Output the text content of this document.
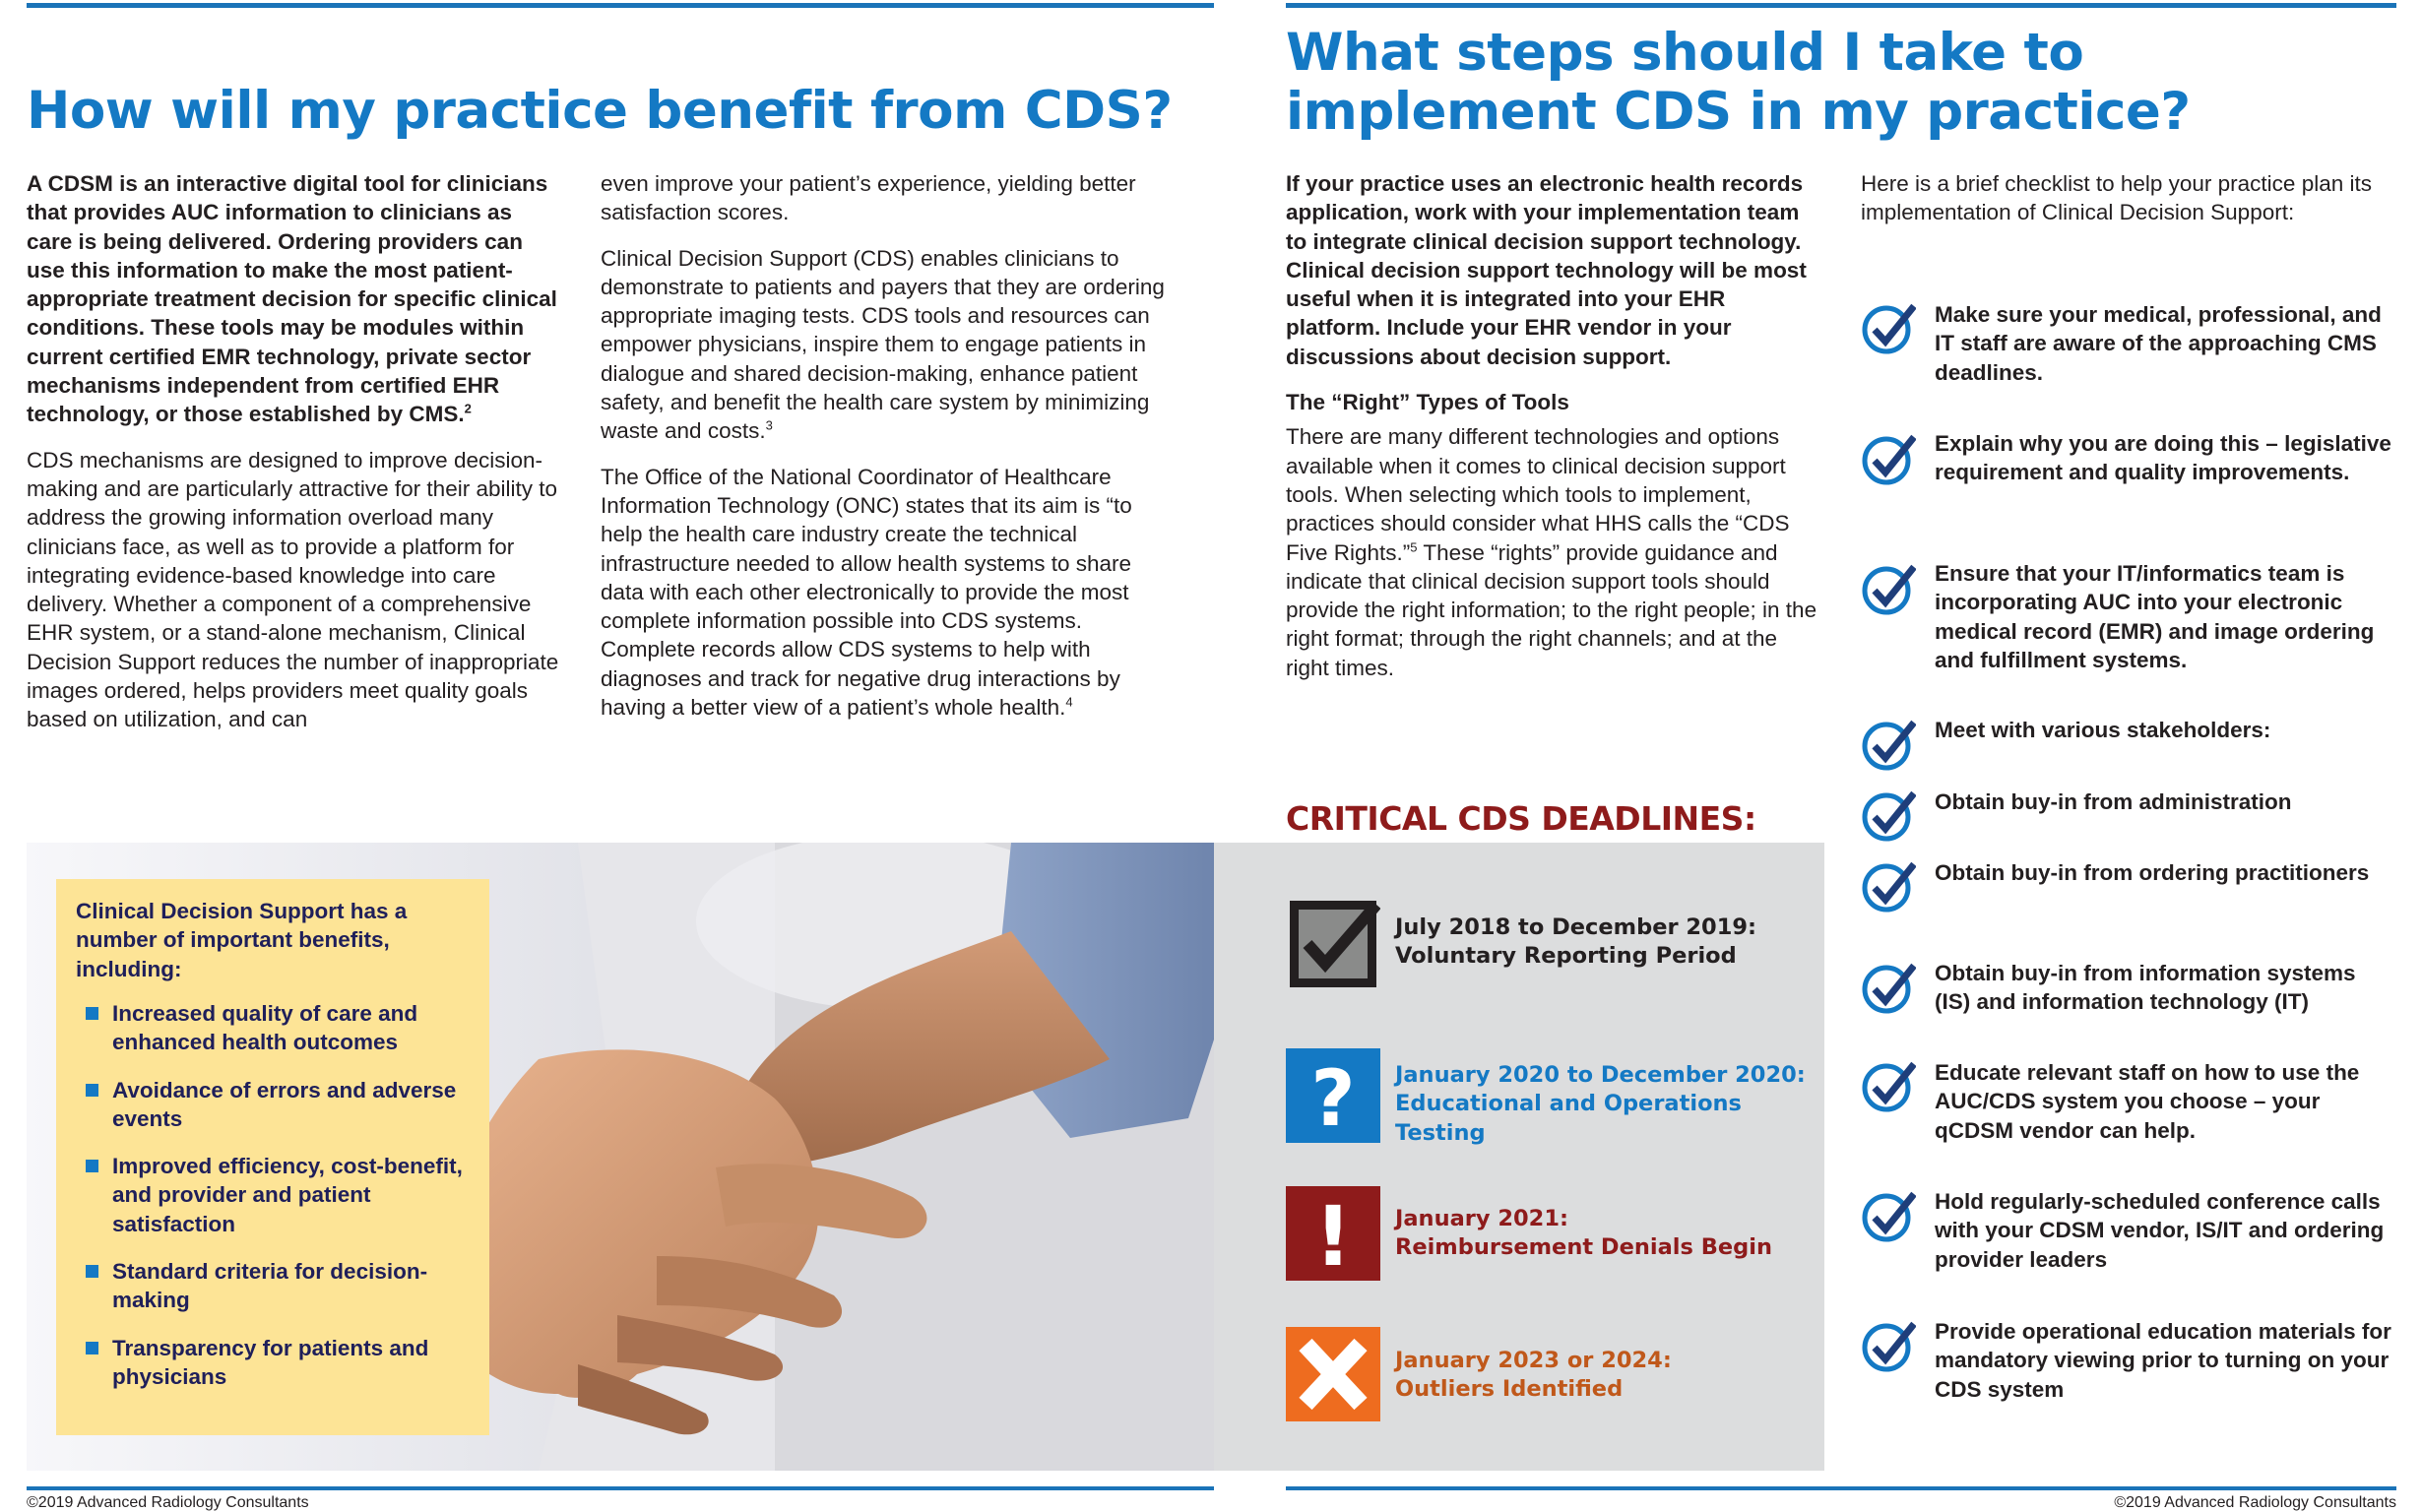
How will my practice benefit from CDS?

A CDSM is an interactive digital tool for clinicians that provides AUC information to clinicians as care is being delivered. Ordering providers can use this information to make the most patient-appropriate treatment decision for specific clinical conditions. These tools may be modules within current certified EMR technology, private sector mechanisms independent from certified EHR technology, or those established by CMS.$^2$

CDS mechanisms are designed to improve decision-making and are particularly attractive for their ability to address the growing information overload many clinicians face, as well as to provide a platform for integrating evidence-based knowledge into care delivery. Whether a component of a comprehensive EHR system, or a stand-alone mechanism, Clinical Decision Support reduces the number of inappropriate images ordered, helps providers meet quality goals based on utilization, and can

even improve your patient’s experience, yielding better satisfaction scores.

Clinical Decision Support (CDS) enables clinicians to demonstrate to patients and payers that they are ordering appropriate imaging tests. CDS tools and resources can empower physicians, inspire them to engage patients in dialogue and shared decision-making, enhance patient safety, and benefit the health care system by minimizing waste and costs.$^3$

The Office of the National Coordinator of Healthcare Information Technology (ONC) states that its aim is “to help the health care industry create the technical infrastructure needed to allow health systems to share data with each other electronically to provide the most complete information possible into CDS systems. Complete records allow CDS systems to help with diagnoses and track for negative drug interactions by having a better view of a patient’s whole health.$^4$

Clinical Decision Support has a number of important benefits, including:
Increased quality of care and enhanced health outcomes
Avoidance of errors and adverse events
Improved efficiency, cost-benefit, and provider and patient satisfaction
Standard criteria for decision-making
Transparency for patients and physicians
What steps should I take to
implement CDS in my practice?

If your practice uses an electronic health records application, work with your implementation team to integrate clinical decision support technology. Clinical decision support technology will be most useful when it is integrated into your EHR platform. Include your EHR vendor in your discussions about decision support.

The “Right” Types of Tools

There are many different technologies and options available when it comes to clinical decision support tools. When selecting which tools to implement, practices should consider what HHS calls the “CDS Five Rights.”$^5$ These “rights” provide guidance and indicate that clinical decision support tools should provide the right information; to the right people; in the right format; through the right channels; and at the right times.

CRITICAL CDS DEADLINES:
July 2018 to December 2019:
Voluntary Reporting Period
? January 2020 to December 2020:
Educational and Operations Testing
! January 2021:
Reimbursement Denials Begin
January 2023 or 2024:
Outliers Identified
Here is a brief checklist to help your practice plan its implementation of Clinical Decision Support:
Make sure your medical, professional, and IT staff are aware of the approaching CMS deadlines.
Explain why you are doing this – legislative requirement and quality improvements.
Ensure that your IT/informatics team is incorporating AUC into your electronic medical record (EMR) and image ordering and fulfillment systems.
Meet with various stakeholders:
Obtain buy-in from administration
Obtain buy-in from ordering practitioners
Obtain buy-in from information systems (IS) and information technology (IT)
Educate relevant staff on how to use the AUC/CDS system you choose – your qCDSM vendor can help.
Hold regularly-scheduled conference calls with your CDSM vendor, IS/IT and ordering provider leaders
Provide operational education materials for mandatory viewing prior to turning on your CDS system
©2019 Advanced Radiology Consultants	©2019 Advanced Radiology Consultants
